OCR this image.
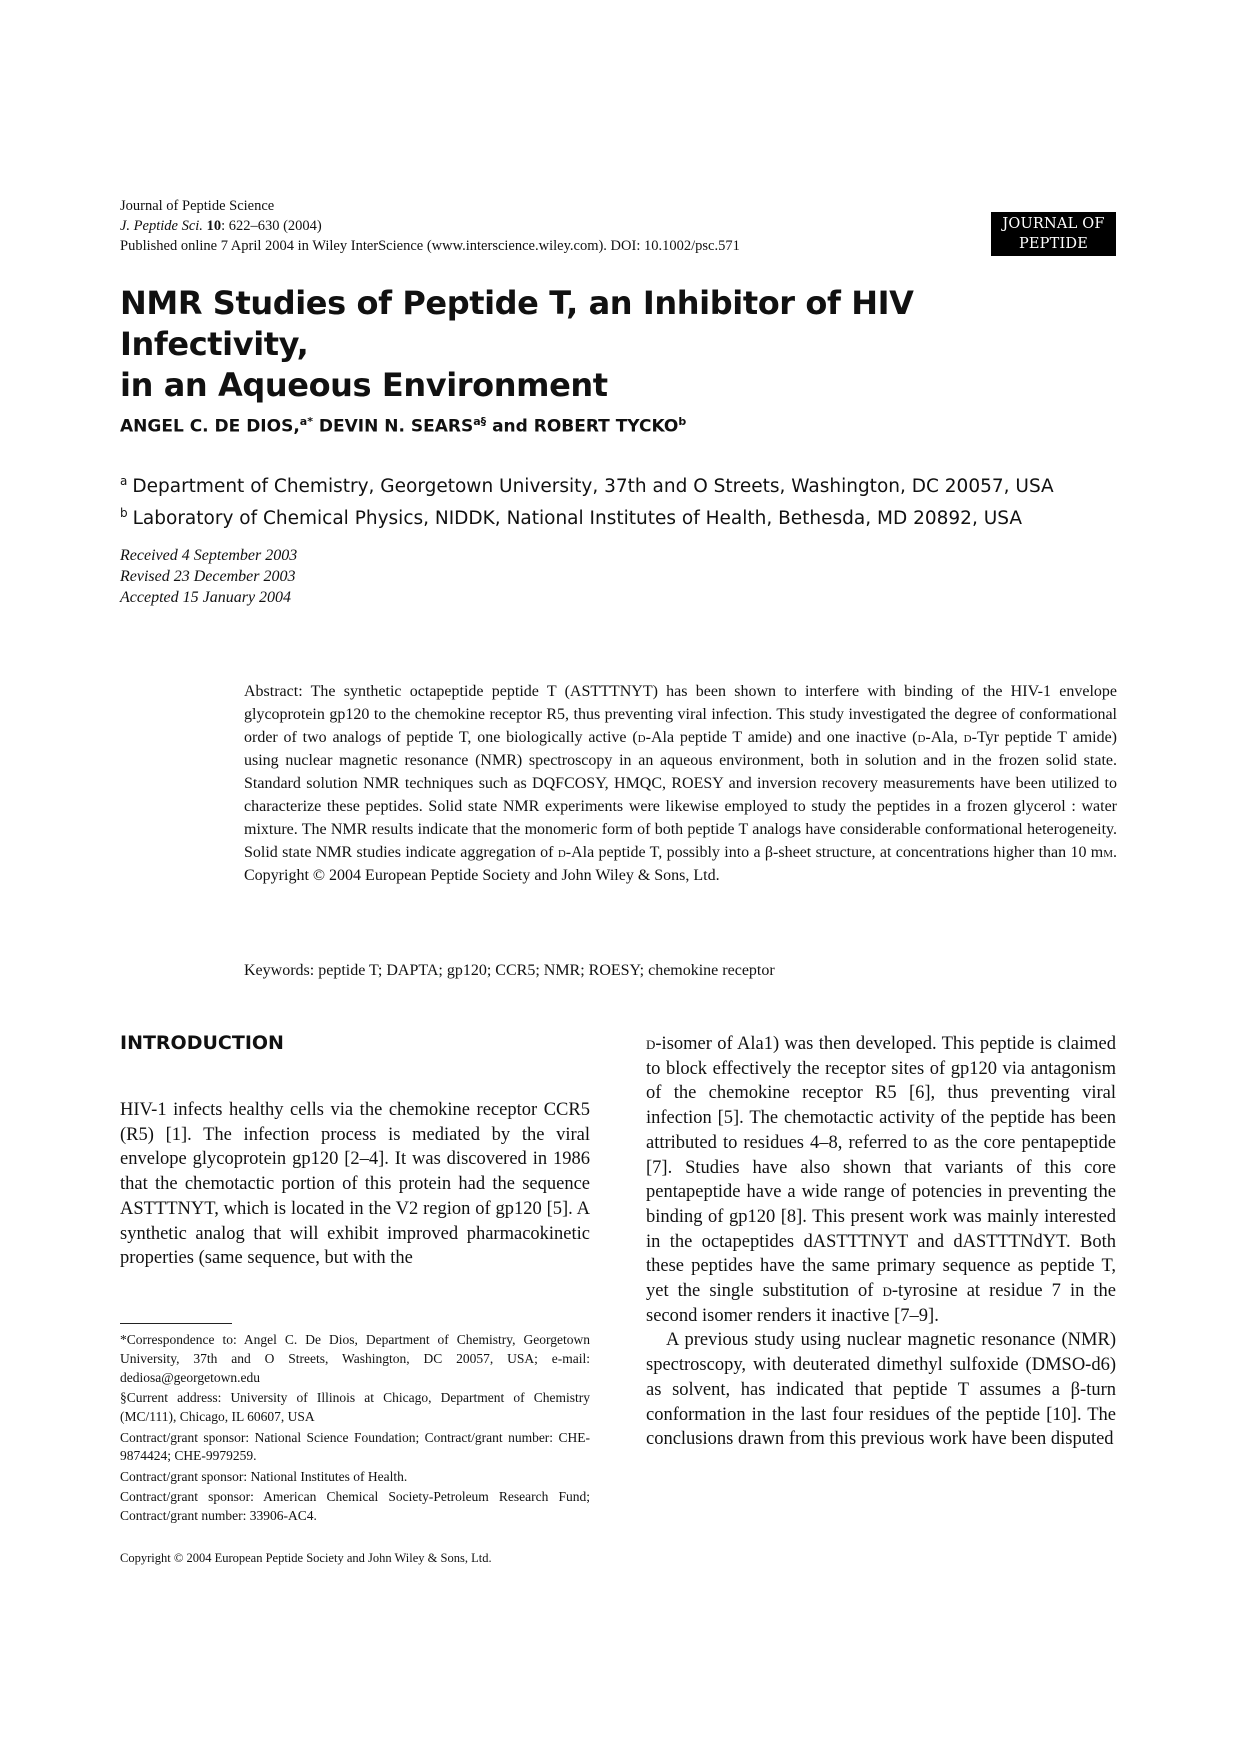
Journal of Peptide Science
J. Peptide Sci. 10: 622–630 (2004)
Published online 7 April 2004 in Wiley InterScience (www.interscience.wiley.com). DOI: 10.1002/psc.571
JOURNAL OF
PEPTIDE SCIENCE
NMR Studies of Peptide T, an Inhibitor of HIV Infectivity,
in an Aqueous Environment
ANGEL C. DE DIOS,$^{a*}$ DEVIN N. $SEARS^{a\S}$ and ROBERT TYCKO$^b$
$^a$ Department of Chemistry, Georgetown University, 37th and O Streets, Washington, DC 20057, USA
$^b$ Laboratory of Chemical Physics, NIDDK, National Institutes of Health, Bethesda, MD 20892, USA
Received 4 September 2003
Revised 23 December 2003
Accepted 15 January 2004
Abstract: The synthetic octapeptide peptide T (ASTTTNYT) has been shown to interfere with binding of the HIV-1 envelope glycoprotein gp120 to the chemokine receptor R5, thus preventing viral infection. This study investigated the degree of conformational order of two analogs of peptide T, one biologically active (d-Ala peptide T amide) and one inactive (d-Ala, d-Tyr peptide T amide) using nuclear magnetic resonance (NMR) spectroscopy in an aqueous environment, both in solution and in the frozen solid state. Standard solution NMR techniques such as DQFCOSY, HMQC, ROESY and inversion recovery measurements have been utilized to characterize these peptides. Solid state NMR experiments were likewise employed to study the peptides in a frozen glycerol : water mixture. The NMR results indicate that the monomeric form of both peptide T analogs have considerable conformational heterogeneity. Solid state NMR studies indicate aggregation of d-Ala peptide T, possibly into a β-sheet structure, at concentrations higher than 10 mm. Copyright © 2004 European Peptide Society and John Wiley & Sons, Ltd.
Keywords: peptide T; DAPTA; gp120; CCR5; NMR; ROESY; chemokine receptor
INTRODUCTION
HIV-1 infects healthy cells via the chemokine receptor CCR5 (R5) [1]. The infection process is mediated by the viral envelope glycoprotein gp120 [2–4]. It was discovered in 1986 that the chemotactic portion of this protein had the sequence ASTTTNYT, which is located in the V2 region of gp120 [5]. A synthetic analog that will exhibit improved pharmacokinetic properties (same sequence, but with the

d-isomer of Ala1) was then developed. This peptide is claimed to block effectively the receptor sites of gp120 via antagonism of the chemokine receptor R5 [6], thus preventing viral infection [5]. The chemotactic activity of the peptide has been attributed to residues 4–8, referred to as the core pentapeptide [7]. Studies have also shown that variants of this core pentapeptide have a wide range of potencies in preventing the binding of gp120 [8]. This present work was mainly interested in the octapeptides dASTTTNYT and dASTTTNdYT. Both these peptides have the same primary sequence as peptide T, yet the single substitution of d-tyrosine at residue 7 in the second isomer renders it inactive [7–9].

A previous study using nuclear magnetic resonance (NMR) spectroscopy, with deuterated dimethyl sulfoxide (DMSO-d6) as solvent, has indicated that peptide T assumes a β-turn conformation in the last four residues of the peptide [10]. The conclusions drawn from this previous work have been disputed

*Correspondence to: Angel C. De Dios, Department of Chemistry, Georgetown University, 37th and O Streets, Washington, DC 20057, USA; e-mail: dediosa@georgetown.edu

§Current address: University of Illinois at Chicago, Department of Chemistry (MC/111), Chicago, IL 60607, USA

Contract/grant sponsor: National Science Foundation; Contract/grant number: CHE-9874424; CHE-9979259.

Contract/grant sponsor: National Institutes of Health.

Contract/grant sponsor: American Chemical Society-Petroleum Research Fund; Contract/grant number: 33906-AC4.

Copyright © 2004 European Peptide Society and John Wiley & Sons, Ltd.
